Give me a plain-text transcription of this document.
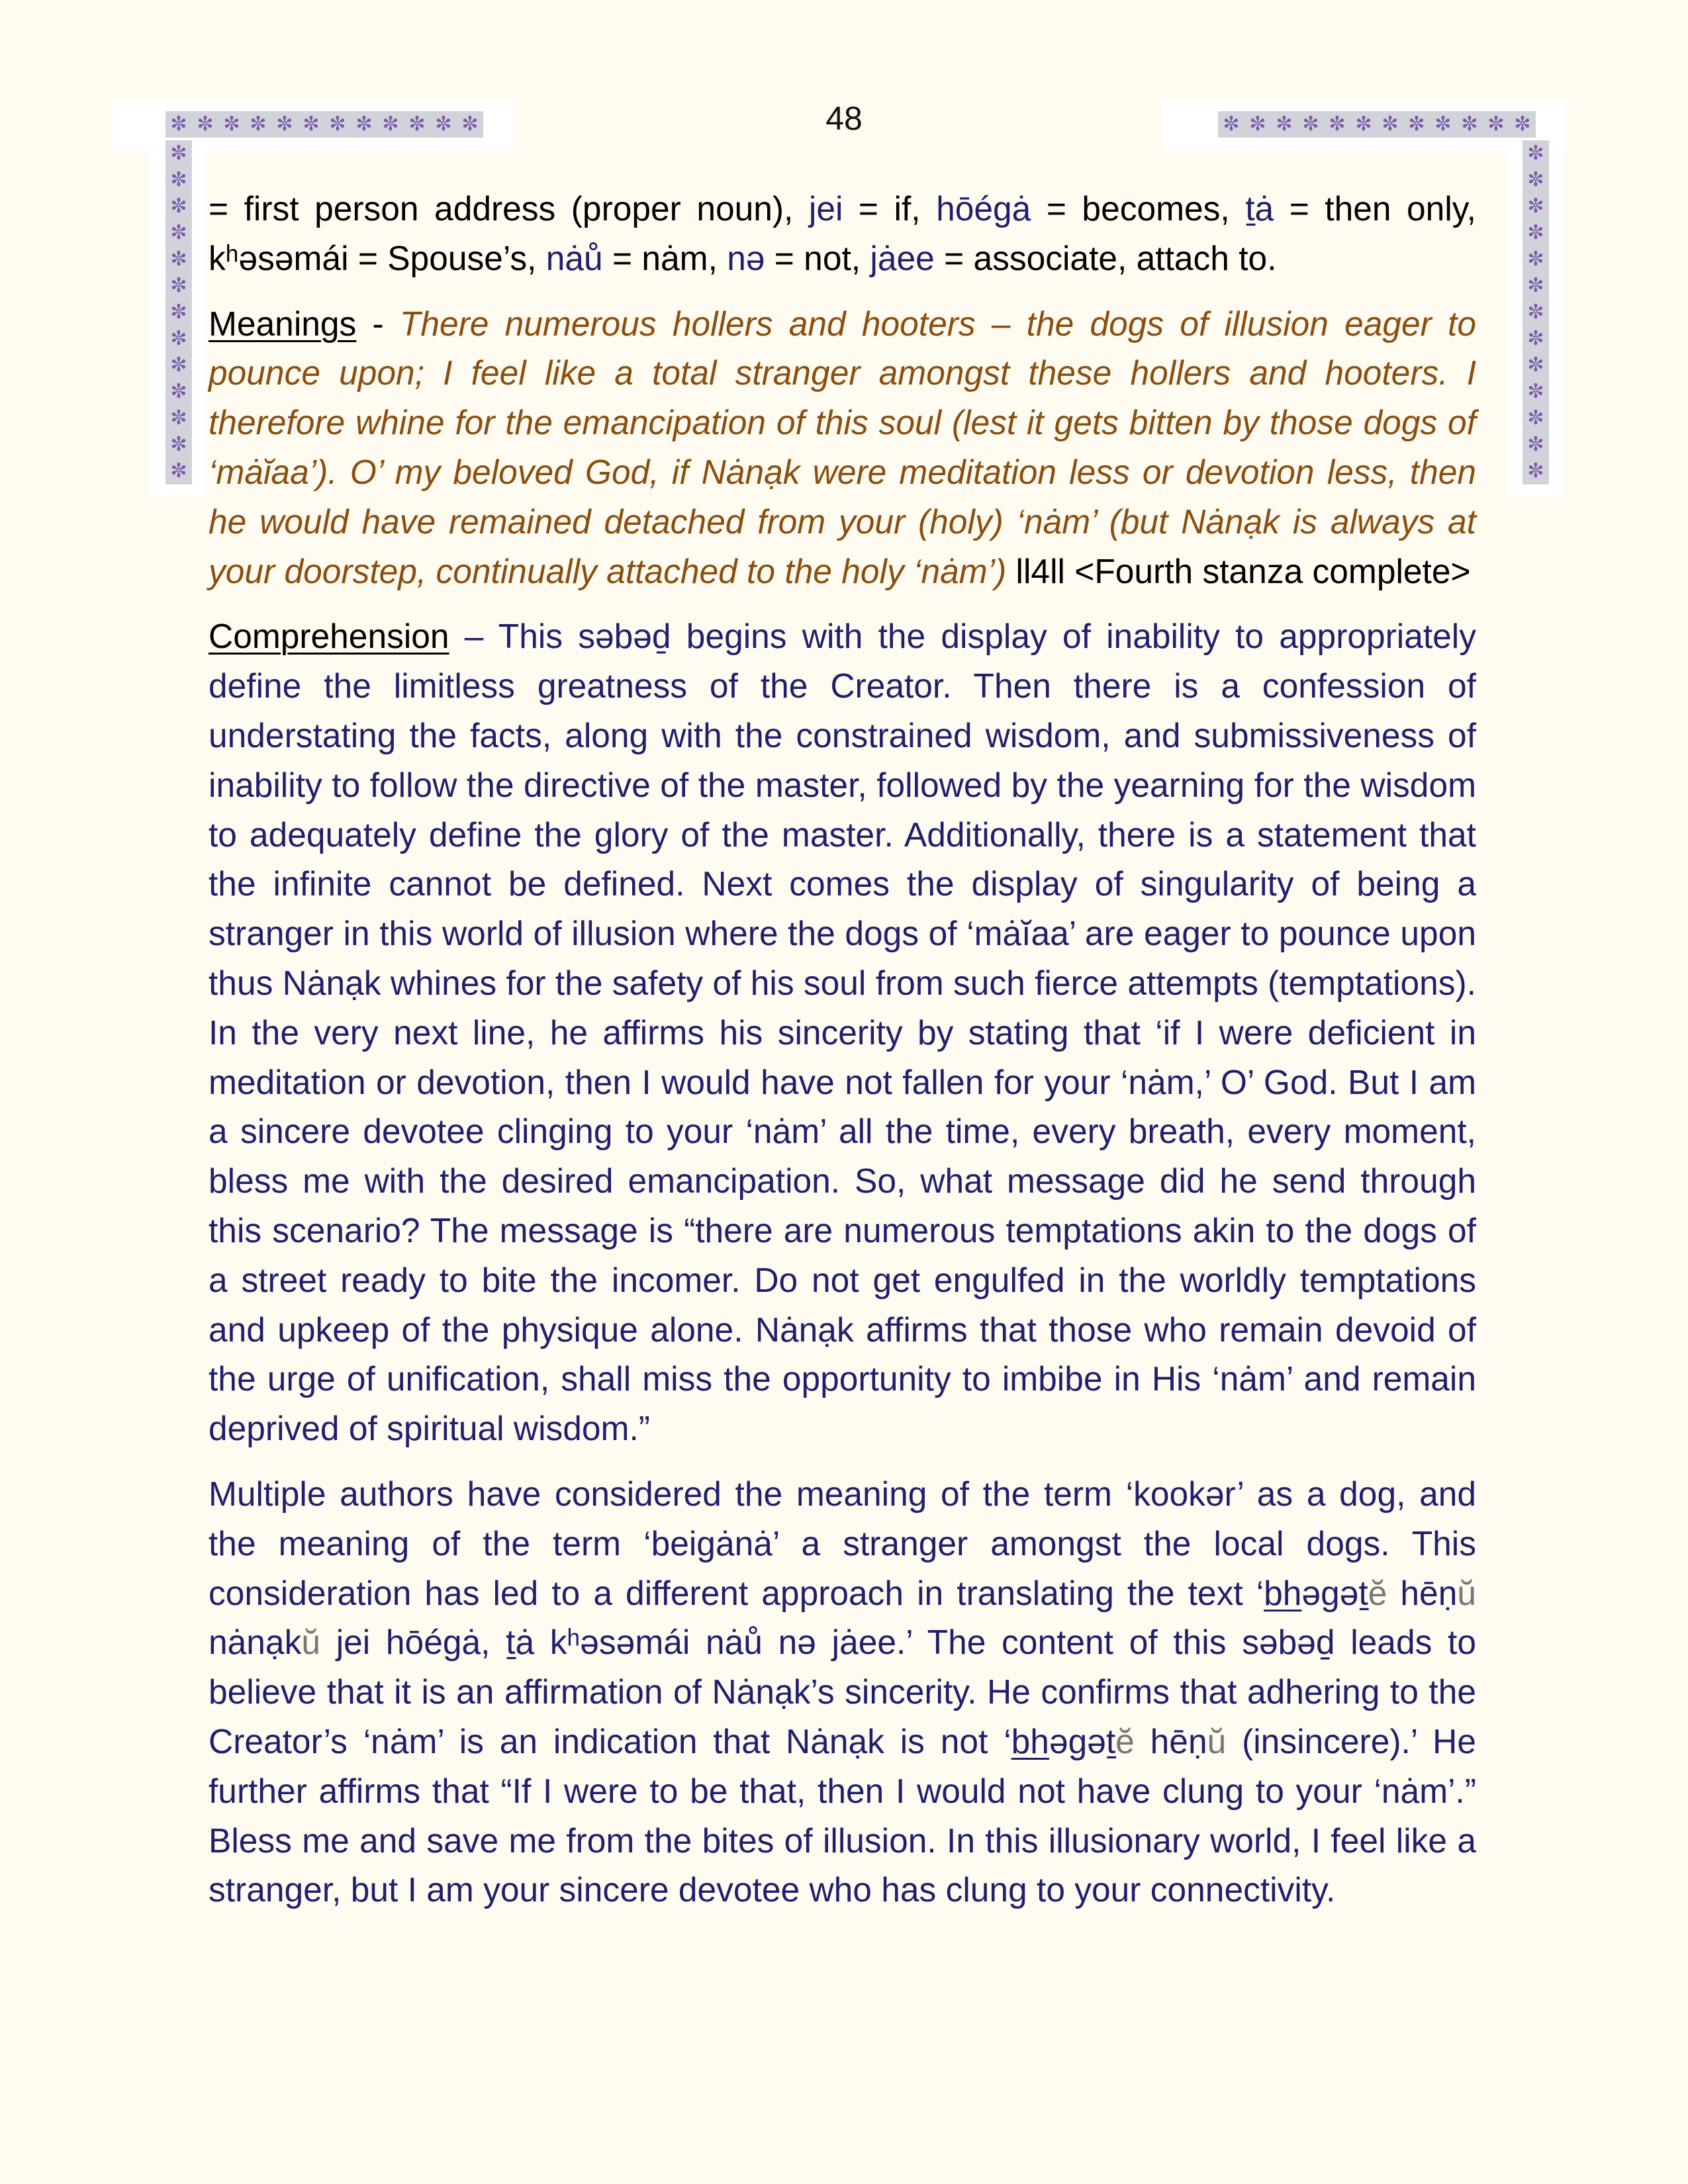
✼ ✼ ✼ ✼ ✼ ✼ ✼ ✼ ✼ ✼ ✼ ✼
✼
✼
✼
✼
✼
✼
✼
✼
✼
✼
✼
✼
✼
✼ ✼ ✼ ✼ ✼ ✼ ✼ ✼ ✼ ✼ ✼ ✼
✼
✼
✼
✼
✼
✼
✼
✼
✼
✼
✼
✼
✼
48

= first person address (proper noun), jei = if, hōégȧ = becomes, ṯȧ = then only, kʰəsəmái = Spouse’s, nȧů = nȧm, nə = not, jȧee = associate, attach to.

Meanings - There numerous hollers and hooters – the dogs of illusion eager to pounce upon; I feel like a total stranger amongst these hollers and hooters. I therefore whine for the emancipation of this soul (lest it gets bitten by those dogs of ‘mȧĭaa’). O’ my beloved God, if Nȧnạk were meditation less or devotion less, then he would have remained detached from your (holy) ‘nȧm’ (but Nȧnạk is always at your doorstep, continually attached to the holy ‘nȧm’) ll4ll <Fourth stanza complete>

Comprehension – This səbəḏ begins with the display of inability to appropriately define the limitless greatness of the Creator. Then there is a confession of understating the facts, along with the constrained wisdom, and submissiveness of inability to follow the directive of the master, followed by the yearning for the wisdom to adequately define the glory of the master. Additionally, there is a statement that the infinite cannot be defined. Next comes the display of singularity of being a stranger in this world of illusion where the dogs of ‘mȧĭaa’ are eager to pounce upon thus Nȧnạk whines for the safety of his soul from such fierce attempts (temptations). In the very next line, he affirms his sincerity by stating that ‘if I were deficient in meditation or devotion, then I would have not fallen for your ‘nȧm,’ O’ God. But I am a sincere devotee clinging to your ‘nȧm’ all the time, every breath, every moment, bless me with the desired emancipation. So, what message did he send through this scenario? The message is “there are numerous temptations akin to the dogs of a street ready to bite the incomer. Do not get engulfed in the worldly temptations and upkeep of the physique alone. Nȧnạk affirms that those who remain devoid of the urge of unification, shall miss the opportunity to imbibe in His ‘nȧm’ and remain deprived of spiritual wisdom.”

Multiple authors have considered the meaning of the term ‘kookər’ as a dog, and the meaning of the term ‘beigȧnȧ’ a stranger amongst the local dogs. This consideration has led to a different approach in translating the text ‘bhəgəṯĕ hēṇŭ nȧnạkŭ jei hōégȧ, ṯȧ kʰəsəmái nȧů nə jȧee.’ The content of this səbəḏ leads to believe that it is an affirmation of Nȧnạk’s sincerity. He confirms that adhering to the Creator’s ‘nȧm’ is an indication that Nȧnạk is not ‘bhəgəṯĕ hēṇŭ (insincere).’ He further affirms that “If I were to be that, then I would not have clung to your ‘nȧm’.” Bless me and save me from the bites of illusion. In this illusionary world, I feel like a stranger, but I am your sincere devotee who has clung to your connectivity.
